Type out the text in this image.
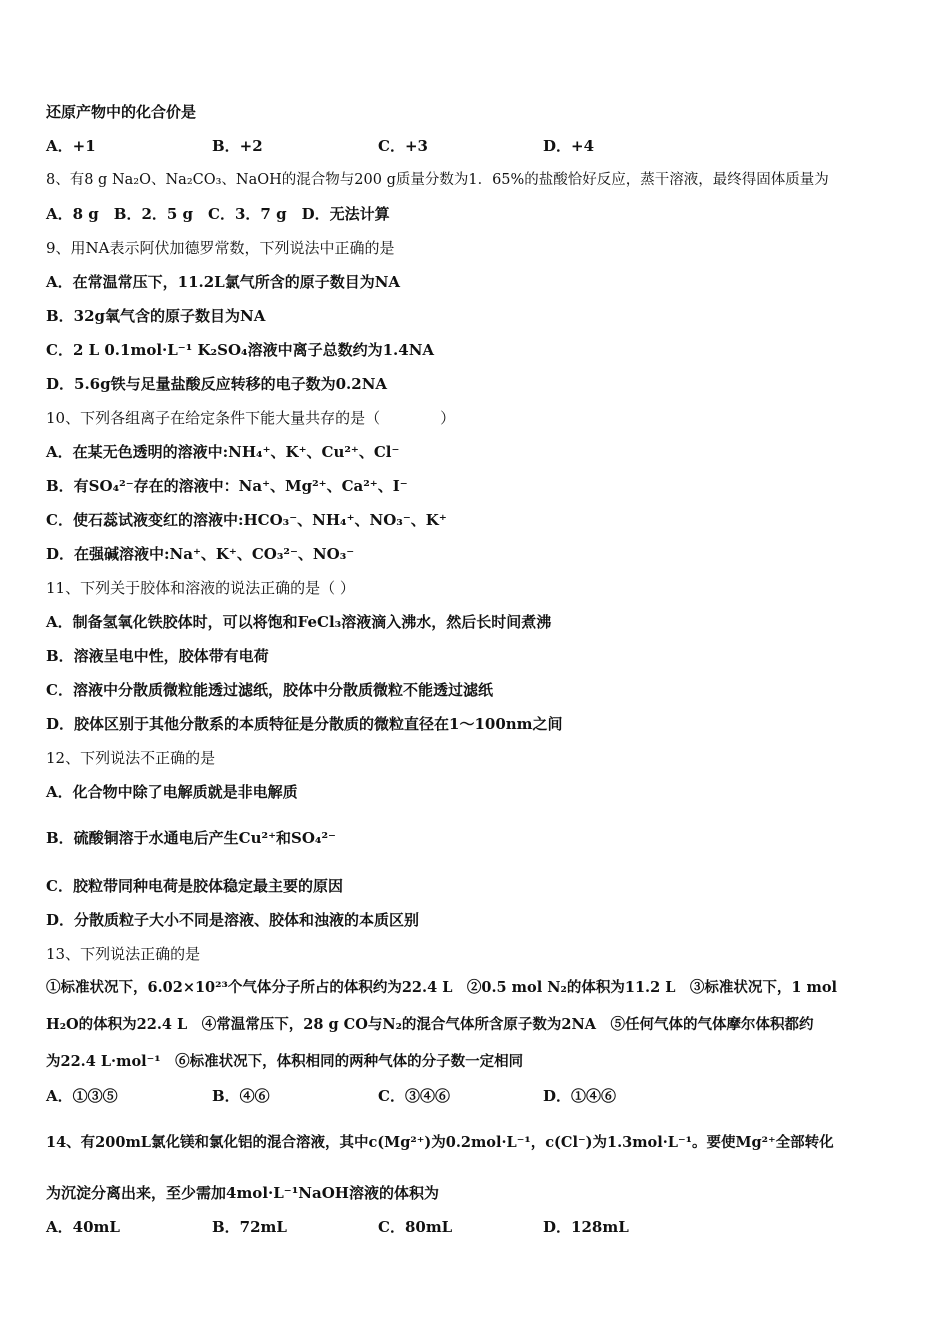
还原产物中的化合价是
A．+1	B．+2	C．+3	D．+4
8、有8 g Na₂O、Na₂CO₃、NaOH的混合物与200 g质量分数为1．65%的盐酸恰好反应，蒸干溶液，最终得固体质量为
A．8 g　B．2．5 g　C．3．7 g　D．无法计算
9、用NA表示阿伏加德罗常数，下列说法中正确的是
A．在常温常压下，11.2L氯气所含的原子数目为NA
B．32g氧气含的原子数目为NA
C．2 L 0.1mol·L⁻¹ K₂SO₄溶液中离子总数约为1.4NA
D．5.6g铁与足量盐酸反应转移的电子数为0.2NA
10、下列各组离子在给定条件下能大量共存的是（　　　　）
A．在某无色透明的溶液中:NH₄⁺、K⁺、Cu²⁺、Cl⁻
B．有SO₄²⁻存在的溶液中：Na⁺、Mg²⁺、Ca²⁺、I⁻
C．使石蕊试液变红的溶液中:HCO₃⁻、NH₄⁺、NO₃⁻、K⁺
D．在强碱溶液中:Na⁺、K⁺、CO₃²⁻、NO₃⁻
11、下列关于胶体和溶液的说法正确的是（ ）
A．制备氢氧化铁胶体时，可以将饱和FeCl₃溶液滴入沸水，然后长时间煮沸
B．溶液呈电中性，胶体带有电荷
C．溶液中分散质微粒能透过滤纸，胶体中分散质微粒不能透过滤纸
D．胶体区别于其他分散系的本质特征是分散质的微粒直径在1～100nm之间
12、下列说法不正确的是
A．化合物中除了电解质就是非电解质
B．硫酸铜溶于水通电后产生Cu²⁺和SO₄²⁻
C．胶粒带同种电荷是胶体稳定最主要的原因
D．分散质粒子大小不同是溶液、胶体和浊液的本质区别
13、下列说法正确的是
①标准状况下，6.02×10²³个气体分子所占的体积约为22.4 L　②0.5 mol N₂的体积为11.2 L　③标准状况下，1 mol
H₂O的体积为22.4 L　④常温常压下，28 g CO与N₂的混合气体所含原子数为2NA　⑤任何气体的气体摩尔体积都约
为22.4 L·mol⁻¹　⑥标准状况下，体积相同的两种气体的分子数一定相同
A．①③⑤	B．④⑥	C．③④⑥	D．①④⑥
14、有200mL氯化镁和氯化铝的混合溶液，其中c(Mg²⁺)为0.2mol·L⁻¹，c(Cl⁻)为1.3mol·L⁻¹。要使Mg²⁺全部转化
为沉淀分离出来，至少需加4mol·L⁻¹NaOH溶液的体积为
A．40mL	B．72mL	C．80mL	D．128mL
